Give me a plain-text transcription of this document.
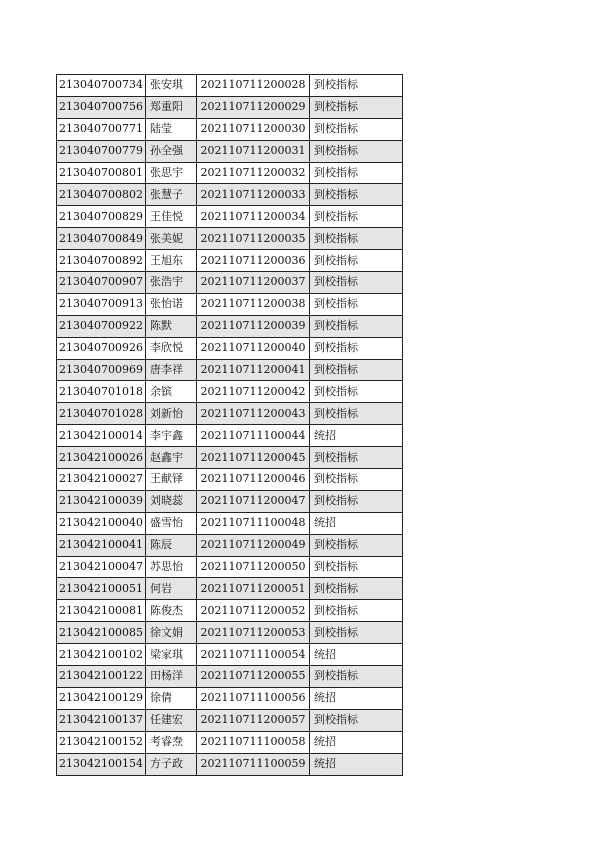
213040700734	张安琪	202110711200028	到校指标
213040700756	郑重阳	202110711200029	到校指标
213040700771	陆莹	202110711200030	到校指标
213040700779	孙全强	202110711200031	到校指标
213040700801	张思宇	202110711200032	到校指标
213040700802	张慧子	202110711200033	到校指标
213040700829	王佳悦	202110711200034	到校指标
213040700849	张美妮	202110711200035	到校指标
213040700892	王旭东	202110711200036	到校指标
213040700907	张浩宇	202110711200037	到校指标
213040700913	张怡诺	202110711200038	到校指标
213040700922	陈默	202110711200039	到校指标
213040700926	李欣悦	202110711200040	到校指标
213040700969	唐李祥	202110711200041	到校指标
213040701018	余镔	202110711200042	到校指标
213040701028	刘新怡	202110711200043	到校指标
213042100014	李宇鑫	202110711100044	统招
213042100026	赵鑫宇	202110711200045	到校指标
213042100027	王献铎	202110711200046	到校指标
213042100039	刘晓蕊	202110711200047	到校指标
213042100040	盛雪怡	202110711100048	统招
213042100041	陈辰	202110711200049	到校指标
213042100047	苏思怡	202110711200050	到校指标
213042100051	何岩	202110711200051	到校指标
213042100081	陈俊杰	202110711200052	到校指标
213042100085	徐文娟	202110711200053	到校指标
213042100102	梁家琪	202110711100054	统招
213042100122	田杨洋	202110711200055	到校指标
213042100129	徐倩	202110711100056	统招
213042100137	任建宏	202110711200057	到校指标
213042100152	考睿焘	202110711100058	统招
213042100154	方子政	202110711100059	统招
